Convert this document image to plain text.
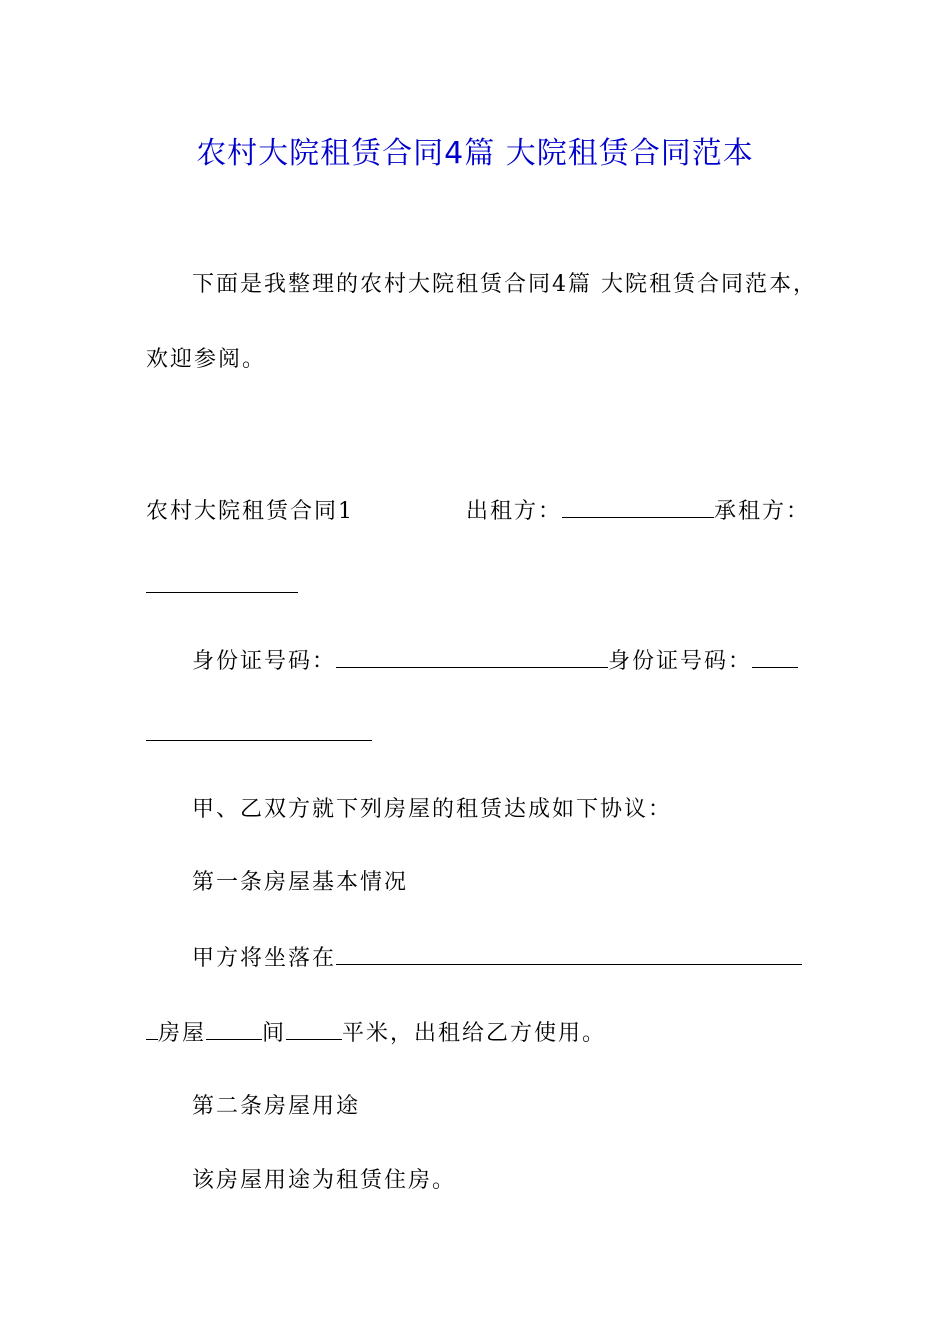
农村大院租赁合同4篇 大院租赁合同范本
下面是我整理的农村大院租赁合同4篇 大院租赁合同范本，
欢迎参阅。
农村大院租赁合同1	出租方：	承租方：
身份证号码：	身份证号码：
甲、乙双方就下列房屋的租赁达成如下协议：
第一条房屋基本情况
甲方将坐落在
房屋	间	平米，出租给乙方使用。
第二条房屋用途
该房屋用途为租赁住房。
